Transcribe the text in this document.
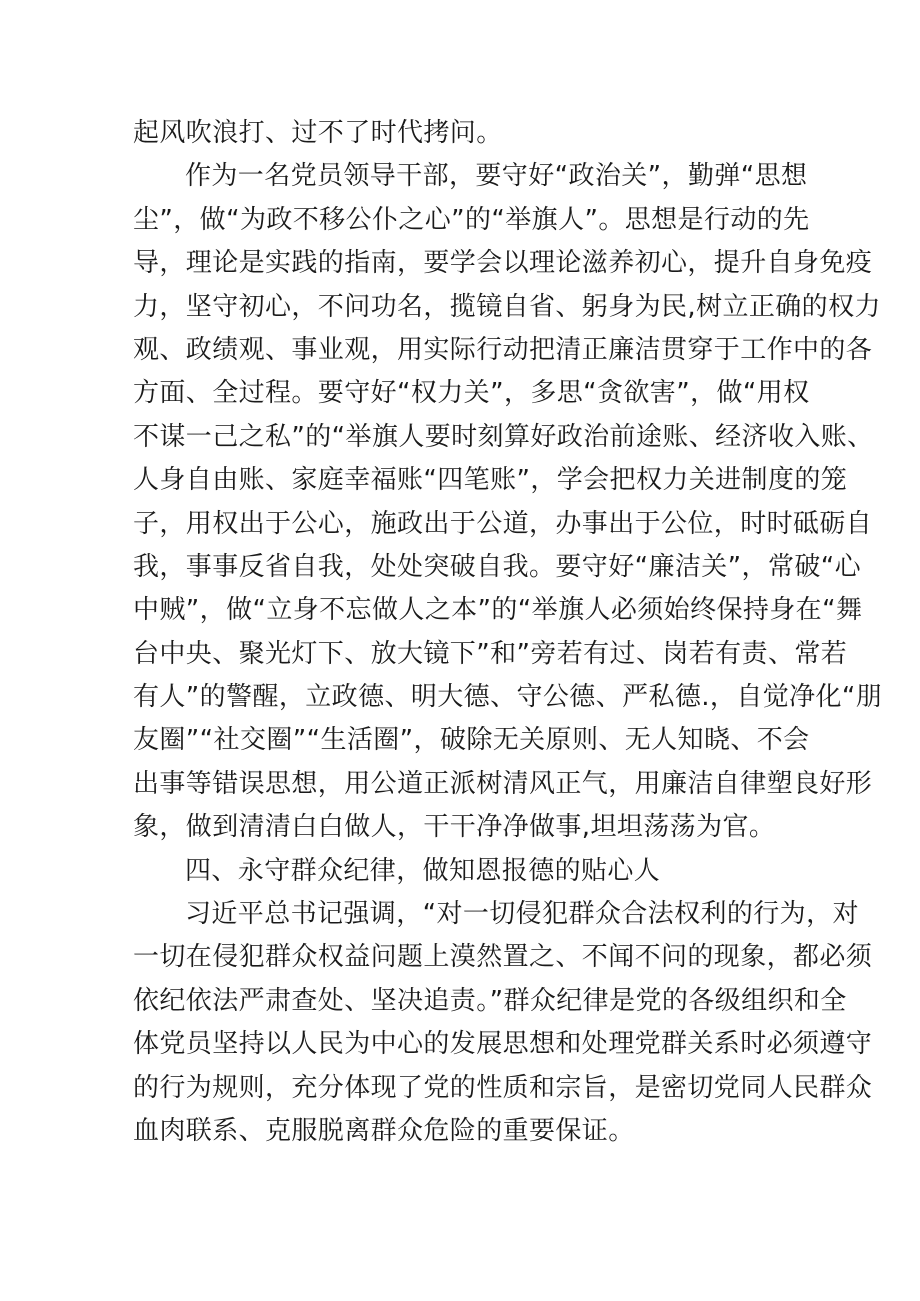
起风吹浪打、过不了时代拷问。
作为一名党员领导干部，要守好“政治关”，勤弹“思想
尘”，做“为政不移公仆之心”的“举旗人”。思想是行动的先
导，理论是实践的指南，要学会以理论滋养初心，提升自身免疫
力，坚守初心，不问功名，揽镜自省、躬身为民,树立正确的权力
观、政绩观、事业观，用实际行动把清正廉洁贯穿于工作中的各
方面、全过程。要守好“权力关”，多思“贪欲害”，做“用权
不谋一己之私”的“举旗人要时刻算好政治前途账、经济收入账、
人身自由账、家庭幸福账“四笔账”，学会把权力关进制度的笼
子，用权出于公心，施政出于公道，办事出于公位，时时砥砺自
我，事事反省自我，处处突破自我。要守好“廉洁关”，常破“心
中贼”，做“立身不忘做人之本”的“举旗人必须始终保持身在“舞
台中央、聚光灯下、放大镜下”和”旁若有过、岗若有责、常若
有人”的警醒，立政德、明大德、守公德、严私德.，自觉净化“朋
友圈”“社交圈”“生活圈”，破除无关原则、无人知晓、不会
出事等错误思想，用公道正派树清风正气，用廉洁自律塑良好形
象，做到清清白白做人，干干净净做事,坦坦荡荡为官。
四、永守群众纪律，做知恩报德的贴心人
习近平总书记强调，“对一切侵犯群众合法权利的行为，对
一切在侵犯群众权益问题上漠然置之、不闻不问的现象，都必须
依纪依法严肃查处、坚决追责。”群众纪律是党的各级组织和全
体党员坚持以人民为中心的发展思想和处理党群关系时必须遵守
的行为规则，充分体现了党的性质和宗旨，是密切党同人民群众
血肉联系、克服脱离群众危险的重要保证。
